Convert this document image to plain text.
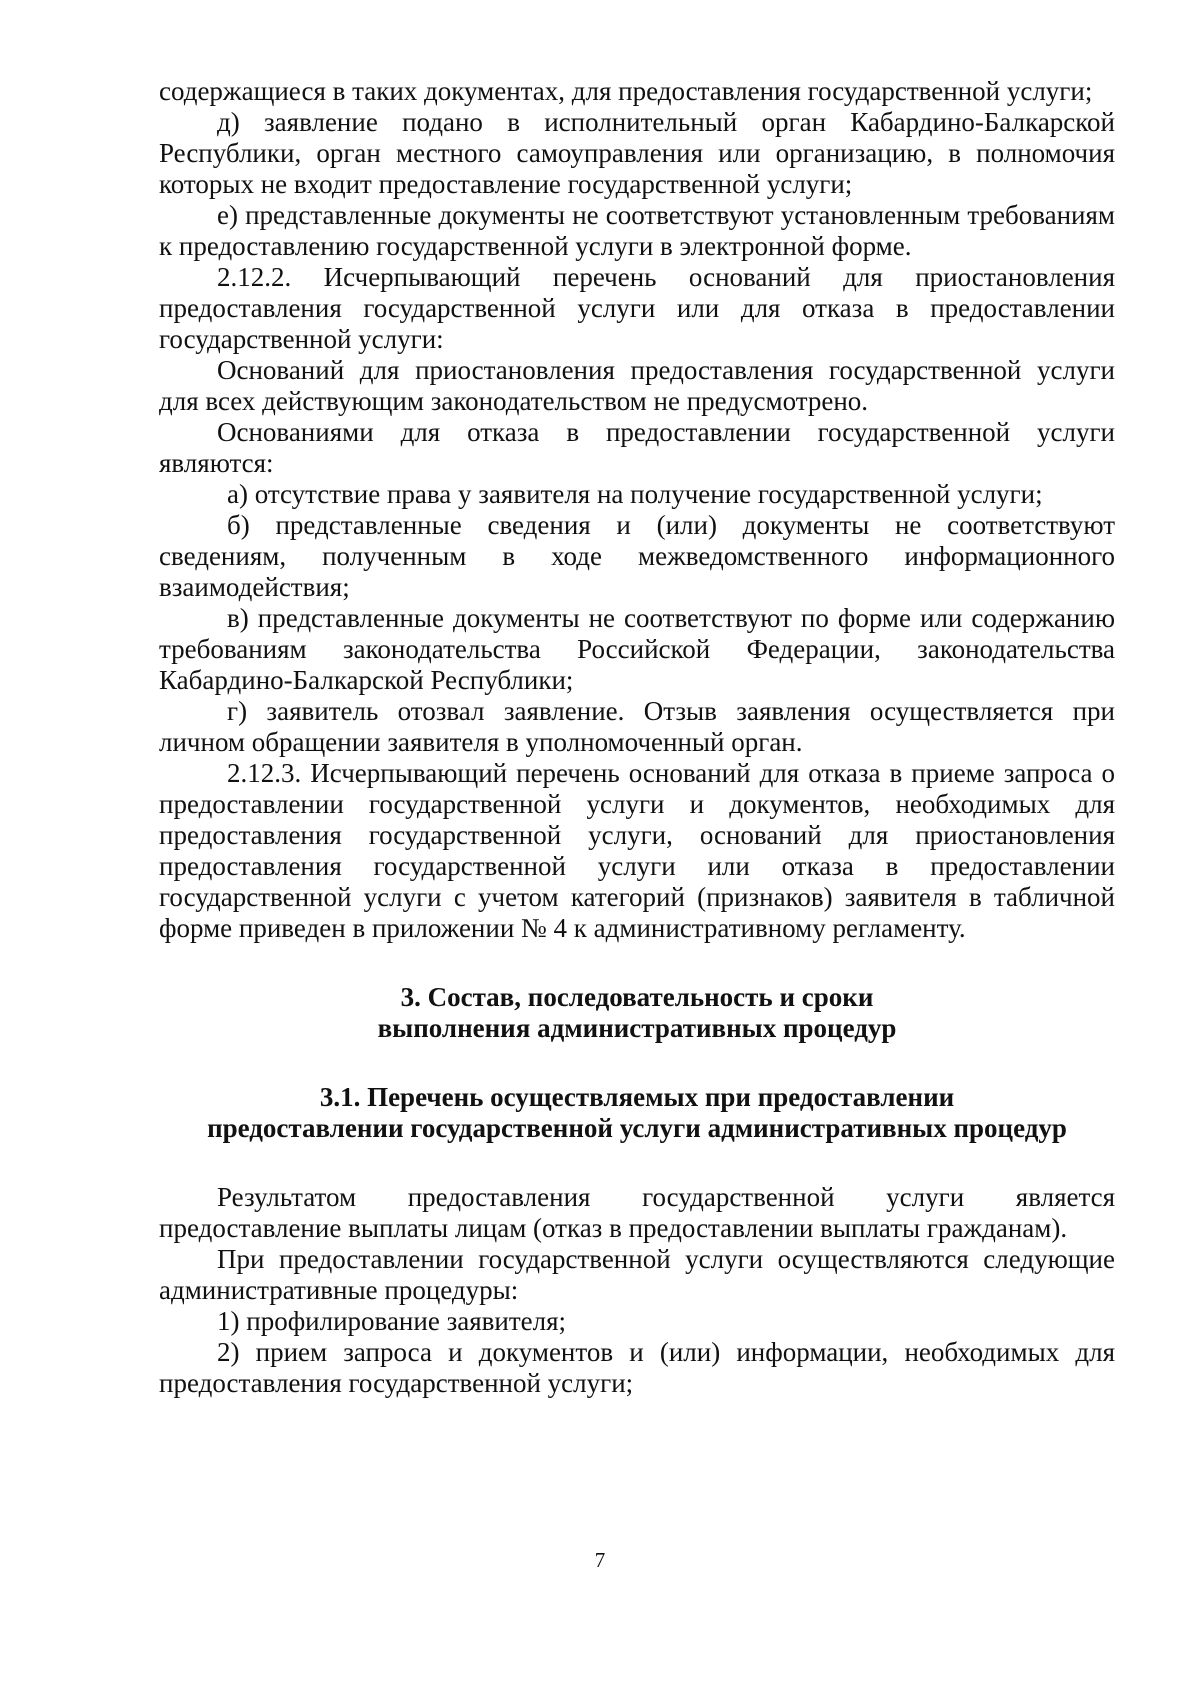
содержащиеся в таких документах, для предоставления государственной услуги;

д) заявление подано в исполнительный орган Кабардино-Балкарской Республики, орган местного самоуправления или организацию, в полномочия которых не входит предоставление государственной услуги;

е) представленные документы не соответствуют установленным требованиям к предоставлению государственной услуги в электронной форме.

2.12.2. Исчерпывающий перечень оснований для приостановления предоставления государственной услуги или для отказа в предоставлении государственной услуги:

Оснований для приостановления предоставления государственной услуги для всех действующим законодательством не предусмотрено.

Основаниями для отказа в предоставлении государственной услуги являются:

а) отсутствие права у заявителя на получение государственной услуги;

б) представленные сведения и (или) документы не соответствуют сведениям, полученным в ходе межведомственного информационного взаимодействия;

в) представленные документы не соответствуют по форме или содержанию требованиям законодательства Российской Федерации, законодательства Кабардино-Балкарской Республики;

г) заявитель отозвал заявление. Отзыв заявления осуществляется при личном обращении заявителя в уполномоченный орган.

2.12.3. Исчерпывающий перечень оснований для отказа в приеме запроса о предоставлении государственной услуги и документов, необходимых для предоставления государственной услуги, оснований для приостановления предоставления государственной услуги или отказа в предоставлении государственной услуги с учетом категорий (признаков) заявителя в табличной форме приведен в приложении № 4 к административному регламенту.

3. Состав, последовательность и сроки
выполнения административных процедур
3.1. Перечень осуществляемых при предоставлении
предоставлении государственной услуги административных процедур

Результатом предоставления государственной услуги является предоставление выплаты лицам (отказ в предоставлении выплаты гражданам).

При предоставлении государственной услуги осуществляются следующие административные процедуры:

1) профилирование заявителя;

2) прием запроса и документов и (или) информации, необходимых для предоставления государственной услуги;

7
